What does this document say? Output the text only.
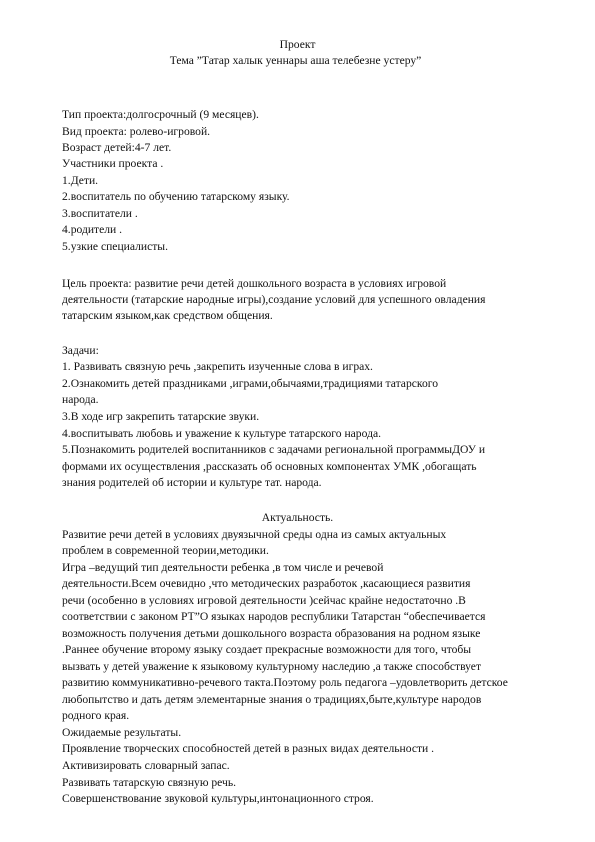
Проект
Тема ”Татар халык уеннары аша телебезне устеру”
Тип проекта:долгосрочный (9 месяцев).
Вид проекта: ролево-игровой.
Возраст детей:4-7 лет.
Участники проекта .
1.Дети.
2.воспитатель по обучению татарскому языку.
3.воспитатели .
4.родители .
5.узкие специалисты.
Цель проекта: развитие речи детей дошкольного возраста в условиях игровой
деятельности (татарские народные игры),создание условий для успешного овладения
татарским языком,как средством общения.
Задачи:
1. Развивать связную речь ,закрепить изученные слова в играх.
2.Ознакомить детей праздниками ,играми,обычаями,традициями татарского
народа.
3.В ходе игр закрепить татарские звуки.
4.воспитывать любовь и уважение к культуре татарского народа.
5.Познакомить родителей воспитанников с задачами региональной программыДОУ и
формами их осуществления ,рассказать об основных компонентах УМК ,обогащать
знания родителей об истории и культуре тат. народа.
Актуальность.
Развитие речи детей в условиях двуязычной среды одна из самых актуальных
проблем в современной теории,методики.
Игра –ведущий тип деятельности ребенка ,в том числе и речевой
деятельности.Всем очевидно ,что методических разработок ,касающиеся развития
речи (особенно в условиях игровой деятельности )сейчас крайне недостаточно .В
соответствии с законом РТ”О языках народов республики Татарстан “обеспечивается
возможность получения детьми дошкольного возраста образования на родном языке
.Раннее обучение второму языку создает прекрасные возможности для того, чтобы
вызвать у детей уважение к языковому культурному наследию ,а также способствует
развитию коммуникативно-речевого такта.Поэтому роль педагога –удовлетворить детское
любопытство и дать детям элементарные знания о традициях,быте,культуре народов
родного края.
Ожидаемые результаты.
Проявление творческих способностей детей в разных видах деятельности .
Активизировать словарный запас.
Развивать татарскую связную речь.
Совершенствование звуковой культуры,интонационного строя.
